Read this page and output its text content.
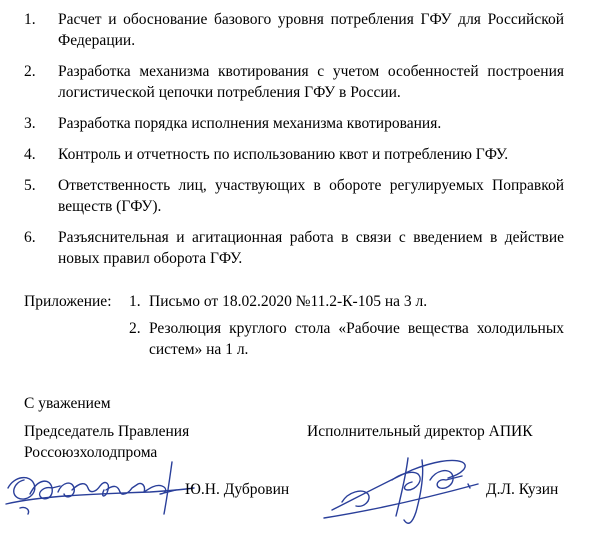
1. Расчет и обоснование базового уровня потребления ГФУ для Российской Федерации.
2. Разработка механизма квотирования с учетом особенностей построения логистической цепочки потребления ГФУ в России.
3. Разработка порядка исполнения механизма квотирования.
4. Контроль и отчетность по использованию квот и потреблению ГФУ.
5. Ответственность лиц, участвующих в обороте регулируемых Поправкой веществ (ГФУ).
6. Разъяснительная и агитационная работа в связи с введением в действие новых правил оборота ГФУ.
Приложение: 1. Письмо от 18.02.2020 №11.2-К-105 на 3 л.
2. Резолюция круглого стола «Рабочие вещества холодильных систем» на 1 л.
С уважением
Председатель Правления Россоюзхолодпрома
Исполнительный директор АПИК
Ю.Н. Дубровин	Д.Л. Кузин
